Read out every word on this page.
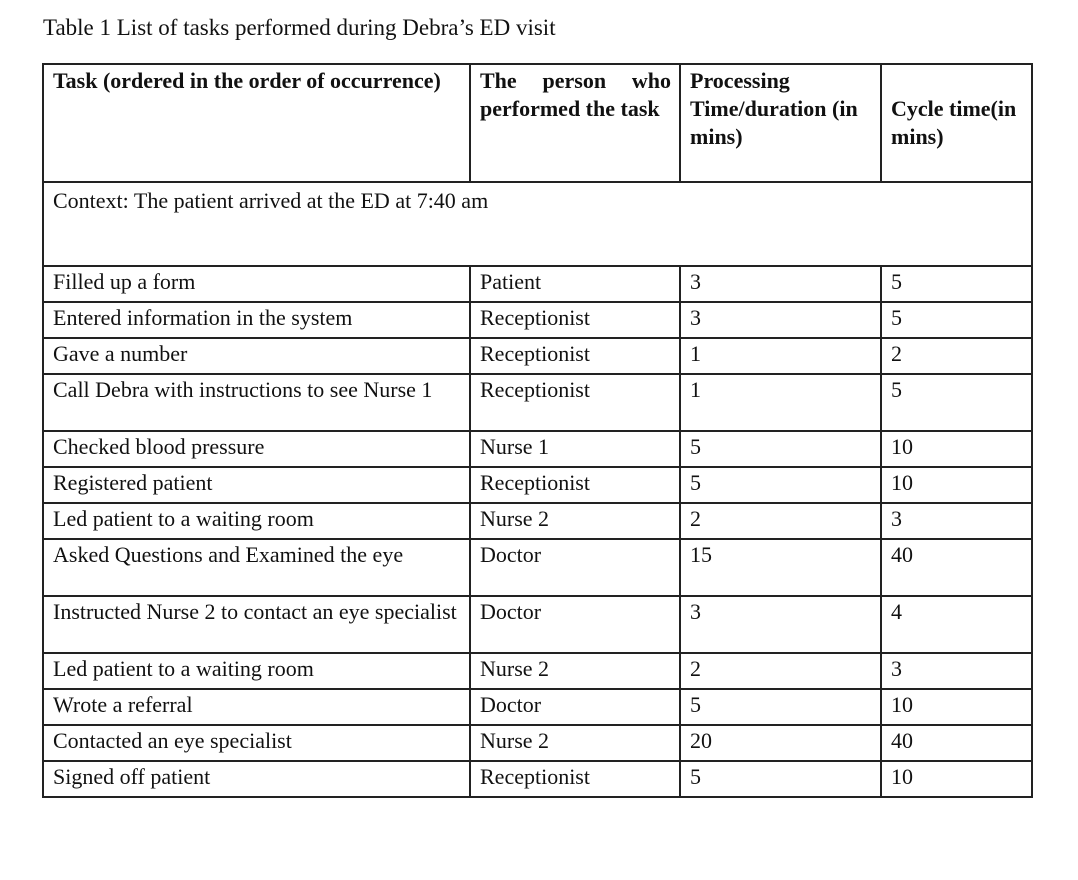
Table 1 List of tasks performed during Debra’s ED visit
Task (ordered in the order of occurrence)	The person who performed the task	Processing Time/duration (in mins)	Cycle time(in mins)
Context: The patient arrived at the ED at 7:40 am			
Filled up a form	Patient	3	5
Entered information in the system	Receptionist	3	5
Gave a number	Receptionist	1	2
Call Debra with instructions to see Nurse 1	Receptionist	1	5
Checked blood pressure	Nurse 1	5	10
Registered patient	Receptionist	5	10
Led patient to a waiting room	Nurse 2	2	3
Asked Questions and Examined the eye	Doctor	15	40
Instructed Nurse 2 to contact an eye specialist	Doctor	3	4
Led patient to a waiting room	Nurse 2	2	3
Wrote a referral	Doctor	5	10
Contacted an eye specialist	Nurse 2	20	40
Signed off patient	Receptionist	5	10
